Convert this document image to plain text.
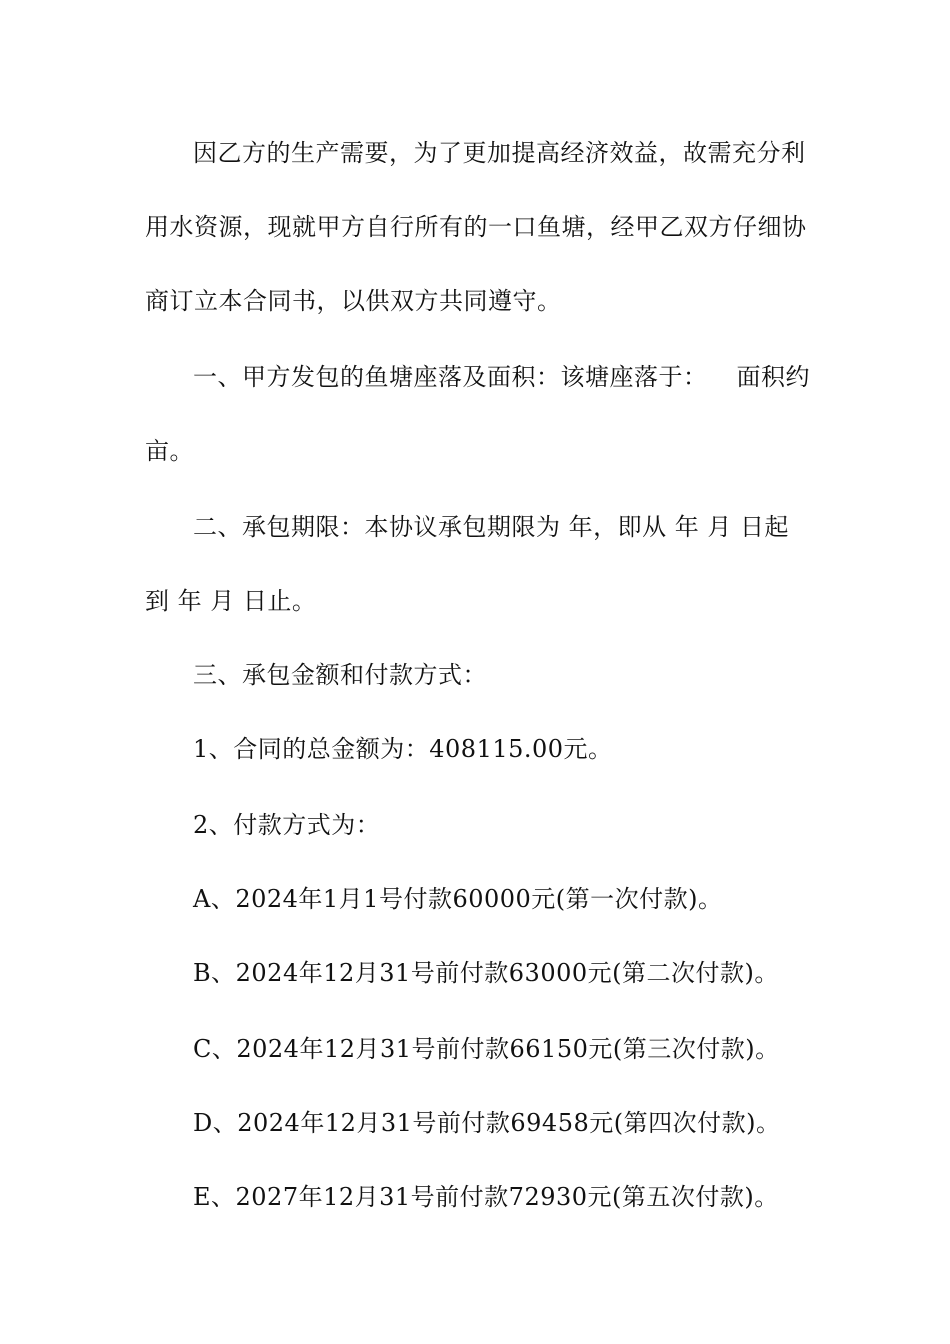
因乙方的生产需要，为了更加提高经济效益，故需充分利
用水资源，现就甲方自行所有的一口鱼塘，经甲乙双方仔细协
商订立本合同书，以供双方共同遵守。
一、甲方发包的鱼塘座落及面积：该塘座落于： 面积约
亩。
二、承包期限：本协议承包期限为 年，即从 年 月 日起
到 年 月 日止。
三、承包金额和付款方式：
1、合同的总金额为：408115.00元。
2、付款方式为：
A、2024年1月1号付款60000元(第一次付款)。
B、2024年12月31号前付款63000元(第二次付款)。
C、2024年12月31号前付款66150元(第三次付款)。
D、2024年12月31号前付款69458元(第四次付款)。
E、2027年12月31号前付款72930元(第五次付款)。
